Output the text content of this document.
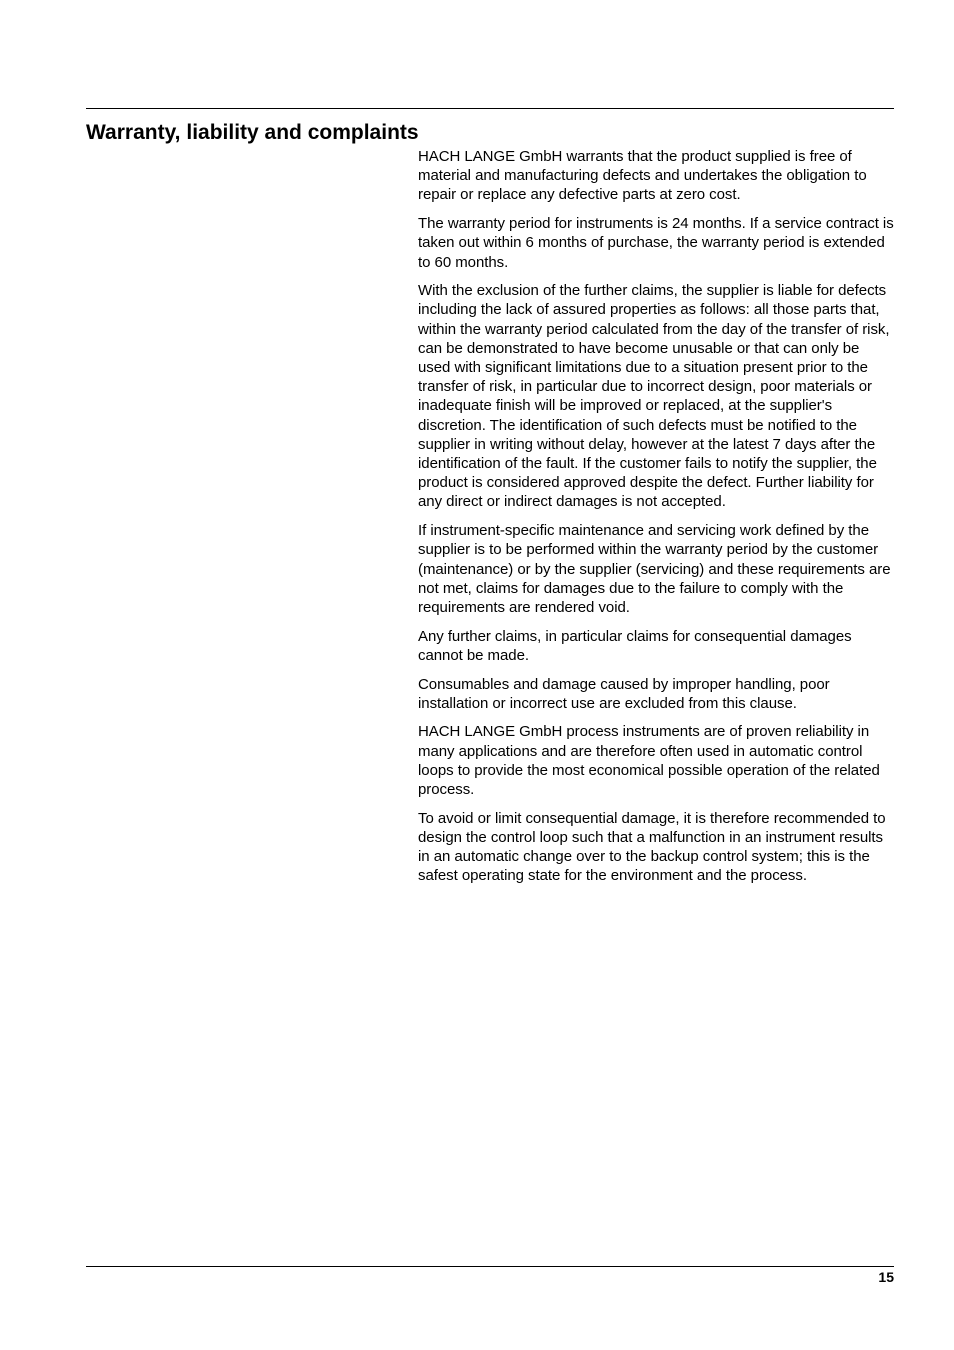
Warranty, liability and complaints

HACH LANGE GmbH warrants that the product supplied is free of material and manufacturing defects and undertakes the obligation to repair or replace any defective parts at zero cost.

The warranty period for instruments is 24 months. If a service contract is taken out within 6 months of purchase, the warranty period is extended to 60 months.

With the exclusion of the further claims, the supplier is liable for defects including the lack of assured properties as follows: all those parts that, within the warranty period calculated from the day of the transfer of risk, can be demonstrated to have become unusable or that can only be used with significant limitations due to a situation present prior to the transfer of risk, in particular due to incorrect design, poor materials or inadequate finish will be improved or replaced, at the supplier's discretion. The identification of such defects must be notified to the supplier in writing without delay, however at the latest 7 days after the identification of the fault. If the customer fails to notify the supplier, the product is considered approved despite the defect. Further liability for any direct or indirect damages is not accepted.

If instrument-specific maintenance and servicing work defined by the supplier is to be performed within the warranty period by the customer (maintenance) or by the supplier (servicing) and these requirements are not met, claims for damages due to the failure to comply with the requirements are rendered void.

Any further claims, in particular claims for consequential damages cannot be made.

Consumables and damage caused by improper handling, poor installation or incorrect use are excluded from this clause.

HACH LANGE GmbH process instruments are of proven reliability in many applications and are therefore often used in automatic control loops to provide the most economical possible operation of the related process.

To avoid or limit consequential damage, it is therefore recommended to design the control loop such that a malfunction in an instrument results in an automatic change over to the backup control system; this is the safest operating state for the environment and the process.

15
